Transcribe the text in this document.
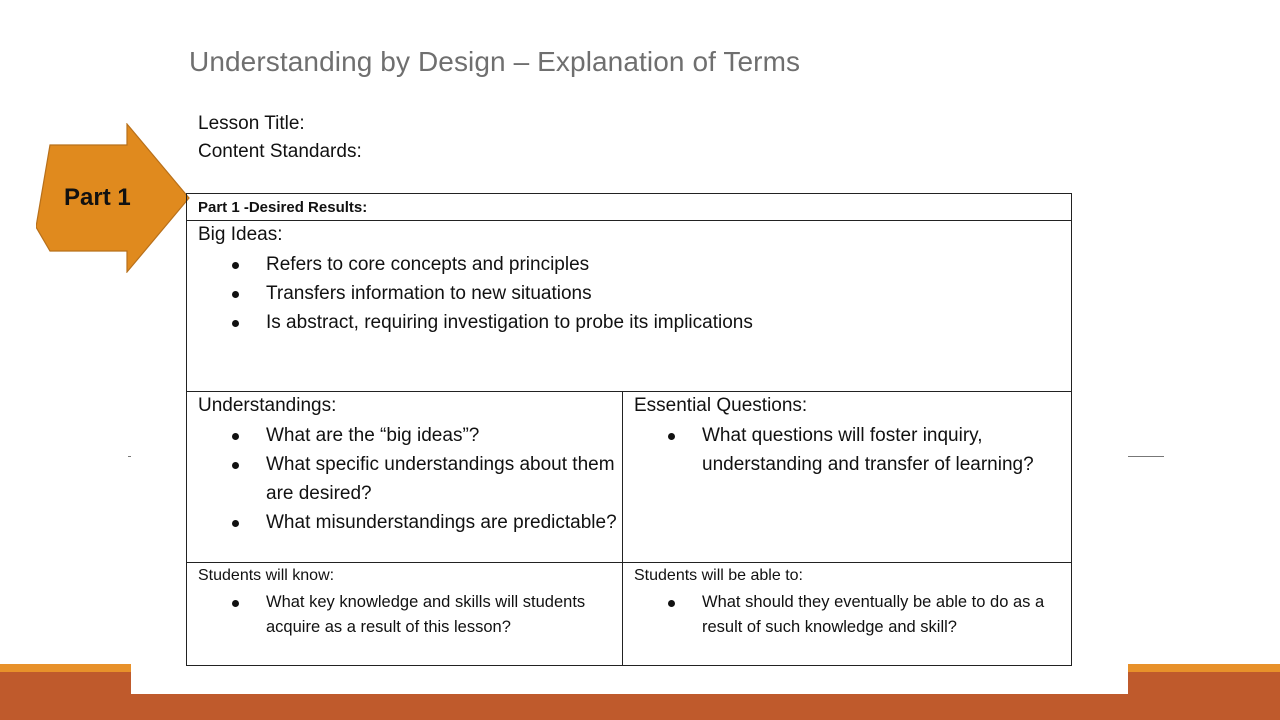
Understanding by Design – Explanation of Terms
Lesson Title:
Content Standards:
Part 1	Part 1 -Desired Results:
Big Ideas:
Refers to core concepts and principles
Transfers information to new situations
Is abstract, requiring investigation to probe its implications
Understandings:
What are the “big ideas”?
What specific understandings about them are desired?
What misunderstandings are predictable?
Essential Questions:
What questions will foster inquiry, understanding and transfer of learning?
Students will know:
What key knowledge and skills will students acquire as a result of this lesson?
Students will be able to:
What should they eventually be able to do as a result of such knowledge and skill?
